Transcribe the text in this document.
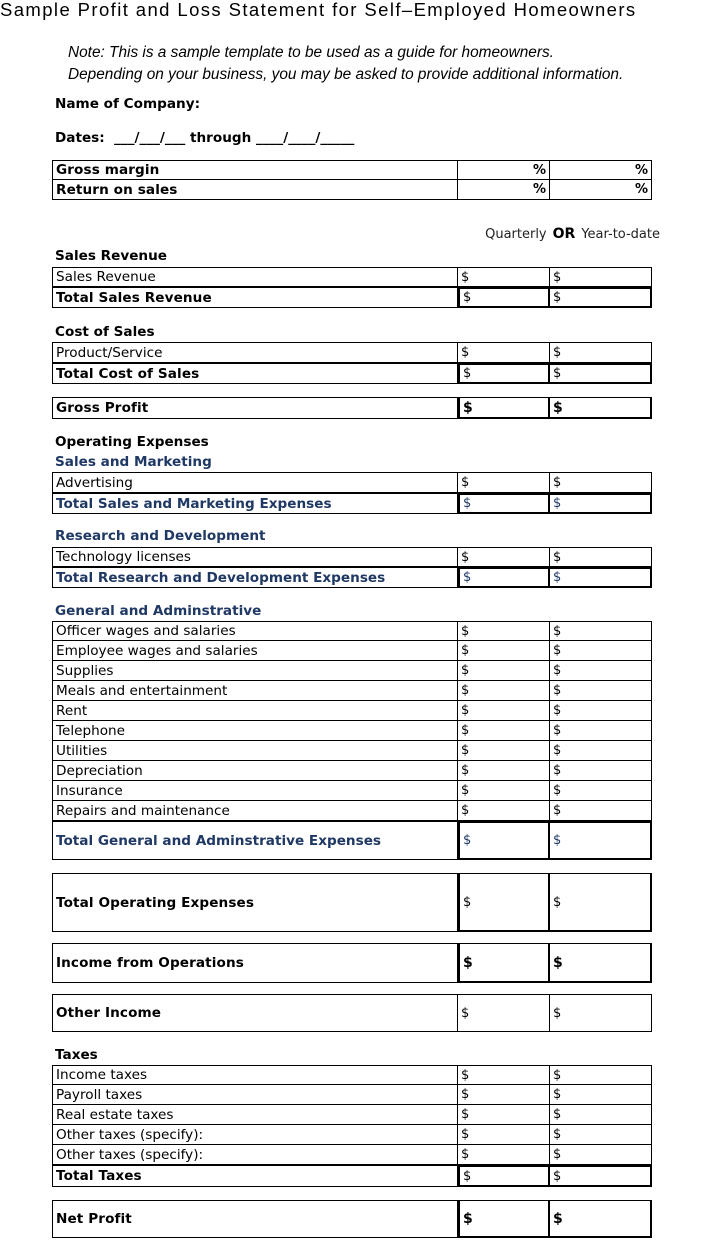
Sample Profit and Loss Statement for Self–Employed Homeowners
Note: This is a sample template to be used as a guide for homeowners.
Depending on your business, you may be asked to provide additional information.
Name of Company:
Dates:  ___/___/___ through ____/____/_____
Gross margin	%	%
Return on sales	%	%
Quarterly OR Year-to-date
Sales Revenue
Sales Revenue	$	$
Total Sales Revenue	$	$
Cost of Sales
Product/Service	$	$
Total Cost of Sales	$	$
Gross Profit	$	$
Operating Expenses
Sales and Marketing
Advertising	$	$
Total Sales and Marketing Expenses	$	$
Research and Development
Technology licenses	$	$
Total Research and Development Expenses	$	$
General and Adminstrative
Officer wages and salaries	$	$
Employee wages and salaries	$	$
Supplies	$	$
Meals and entertainment	$	$
Rent	$	$
Telephone	$	$
Utilities	$	$
Depreciation	$	$
Insurance	$	$
Repairs and maintenance	$	$
Total General and Adminstrative Expenses	$	$
Total Operating Expenses	$	$
Income from Operations	$	$
Other Income	$	$
Taxes
Income taxes	$	$
Payroll taxes	$	$
Real estate taxes	$	$
Other taxes (specify):	$	$
Other taxes (specify):	$	$
Total Taxes	$	$
Net Profit	$	$
